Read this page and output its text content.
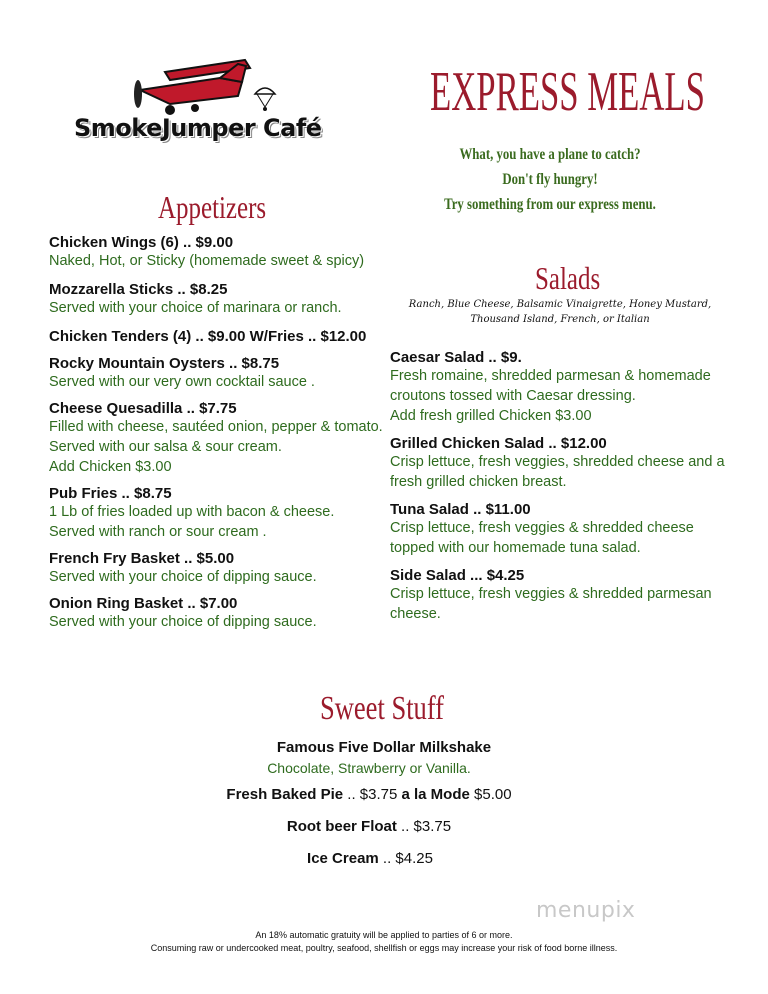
SmokeJumper Café
EXPRESS MEALS
What, you have a plane to catch?
Don't fly hungry!
Try something from our express menu.
Appetizers
Chicken Wings (6) .. $9.00
Naked, Hot, or Sticky (homemade sweet & spicy)
Mozzarella Sticks .. $8.25
Served with your choice of marinara or ranch.
Chicken Tenders (4) .. $9.00 W/Fries .. $12.00
Rocky Mountain Oysters .. $8.75
Served with our very own cocktail sauce .
Cheese Quesadilla .. $7.75
Filled with cheese, sautéed onion, pepper & tomato.
Served with our salsa & sour cream.
Add Chicken $3.00
Pub Fries .. $8.75
1 Lb of fries loaded up with bacon & cheese.
Served with ranch or sour cream .
French Fry Basket .. $5.00
Served with your choice of dipping sauce.
Onion Ring Basket .. $7.00
Served with your choice of dipping sauce.
Salads
Ranch, Blue Cheese, Balsamic Vinaigrette, Honey Mustard,
Thousand Island, French, or Italian
Caesar Salad .. $9.
Fresh romaine, shredded parmesan & homemade
croutons tossed with Caesar dressing.
Add fresh grilled Chicken $3.00
Grilled Chicken Salad .. $12.00
Crisp lettuce, fresh veggies, shredded cheese and a
fresh grilled chicken breast.
Tuna Salad .. $11.00
Crisp lettuce, fresh veggies & shredded cheese
topped with our homemade tuna salad.
Side Salad ... $4.25
Crisp lettuce, fresh veggies & shredded parmesan
cheese.
Sweet Stuff
Famous Five Dollar Milkshake
Chocolate, Strawberry or Vanilla.
Fresh Baked Pie .. $3.75 a la Mode $5.00
Root beer Float .. $3.75
Ice Cream .. $4.25
menupix
An 18% automatic gratuity will be applied to parties of 6 or more.
Consuming raw or undercooked meat, poultry, seafood, shellfish or eggs may increase your risk of food borne illness.
